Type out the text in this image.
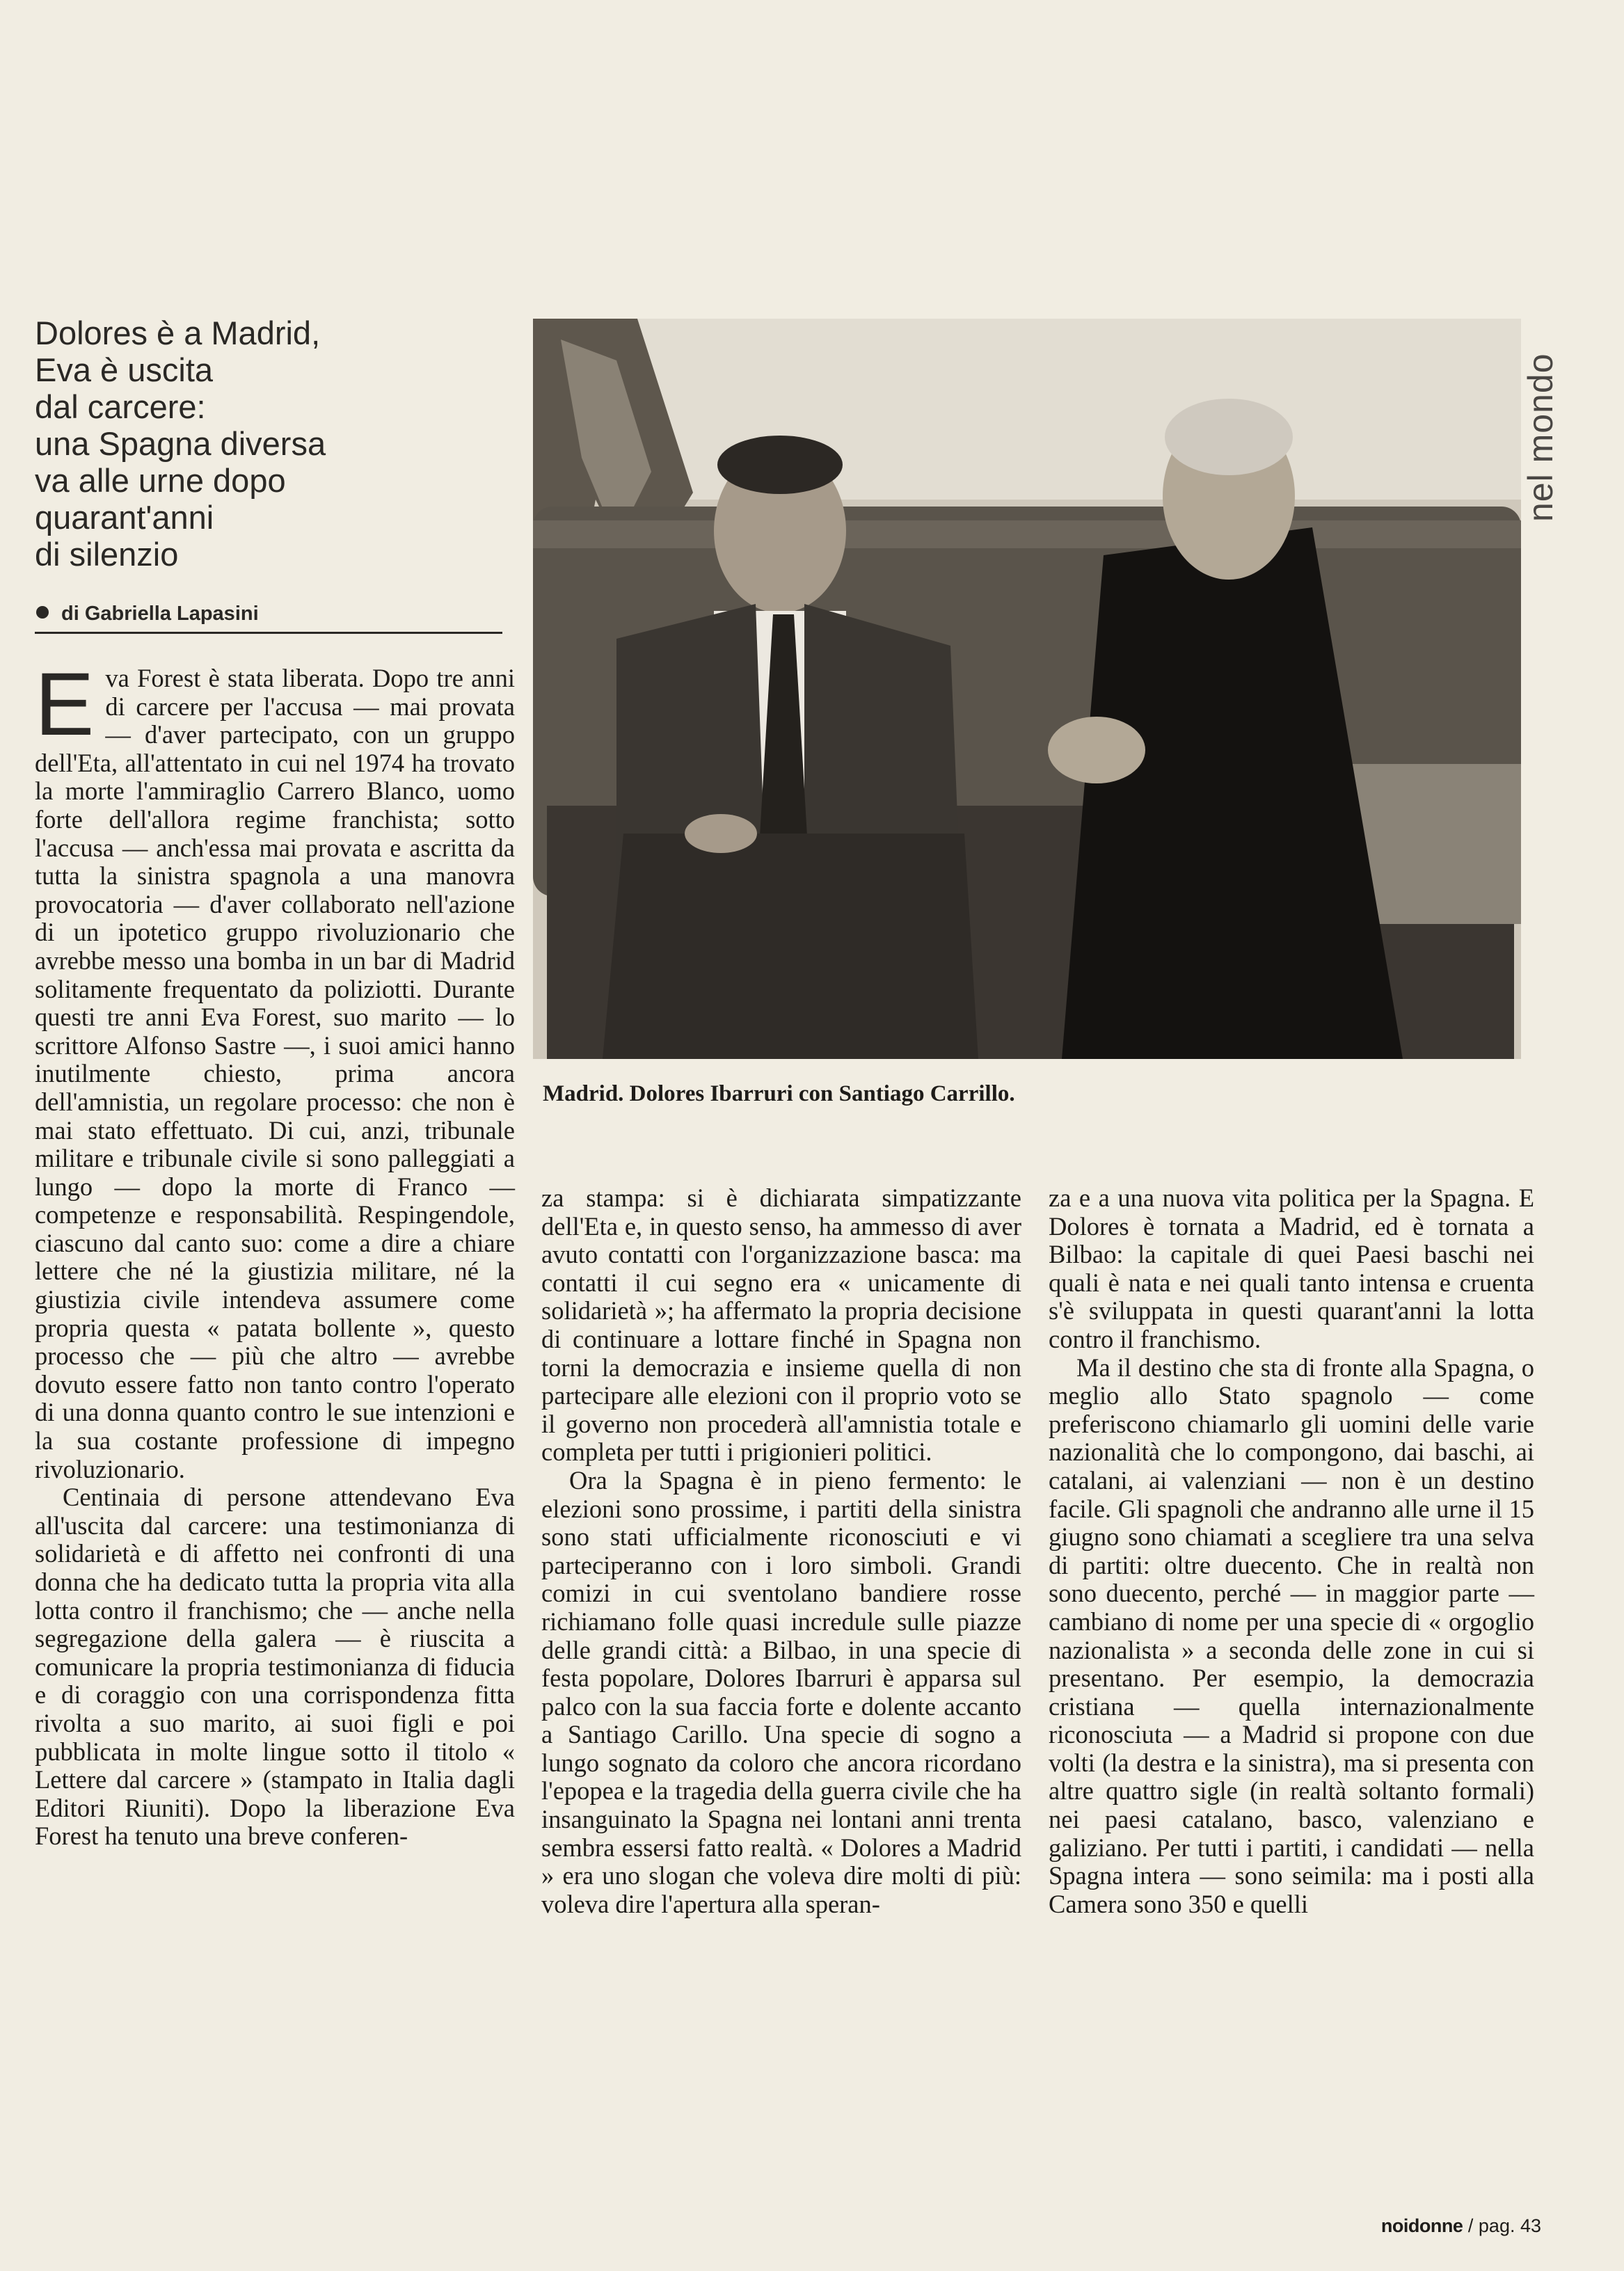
Dolores è a Madrid,
Eva è uscita
dal carcere:
una Spagna diversa
va alle urne dopo
quarant'anni
di silenzio
di Gabriella Lapasini
nel mondo
Madrid. Dolores Ibarruri con Santiago Carrillo.

Eva Forest è stata liberata. Dopo tre anni di carcere per l'accusa — mai provata — d'aver partecipato, con un gruppo dell'Eta, all'attentato in cui nel 1974 ha trovato la morte l'ammiraglio Carrero Blanco, uomo forte dell'allora regime franchista; sotto l'accusa — anch'essa mai provata e ascritta da tutta la sinistra spagnola a una manovra provocatoria — d'aver collaborato nell'azione di un ipotetico gruppo rivoluzionario che avrebbe messo una bomba in un bar di Madrid solitamente frequentato da poliziotti. Durante questi tre anni Eva Forest, suo marito — lo scrittore Alfonso Sastre —, i suoi amici hanno inutilmente chiesto, prima ancora dell'amnistia, un regolare processo: che non è mai stato effettuato. Di cui, anzi, tribunale militare e tribunale civile si sono palleggiati a lungo — dopo la morte di Franco — competenze e responsabilità. Respingendole, ciascuno dal canto suo: come a dire a chiare lettere che né la giustizia militare, né la giustizia civile intendeva assumere come propria questa « patata bollente », questo processo che — più che altro — avrebbe dovuto essere fatto non tanto contro l'operato di una donna quanto contro le sue intenzioni e la sua costante professione di impegno rivoluzionario.

Centinaia di persone attendevano Eva all'uscita dal carcere: una testimonianza di solidarietà e di affetto nei confronti di una donna che ha dedicato tutta la propria vita alla lotta contro il franchismo; che — anche nella segregazione della galera — è riuscita a comunicare la propria testimonianza di fiducia e di coraggio con una corrispondenza fitta rivolta a suo marito, ai suoi figli e poi pubblicata in molte lingue sotto il titolo « Lettere dal carcere » (stampato in Italia dagli Editori Riuniti). Dopo la liberazione Eva Forest ha tenuto una breve conferen-

za stampa: si è dichiarata simpatizzante dell'Eta e, in questo senso, ha ammesso di aver avuto contatti con l'organizzazione basca: ma contatti il cui segno era « unicamente di solidarietà »; ha affermato la propria decisione di continuare a lottare finché in Spagna non torni la democrazia e insieme quella di non partecipare alle elezioni con il proprio voto se il governo non procederà all'amnistia totale e completa per tutti i prigionieri politici.

Ora la Spagna è in pieno fermento: le elezioni sono prossime, i partiti della sinistra sono stati ufficialmente riconosciuti e vi parteciperanno con i loro simboli. Grandi comizi in cui sventolano bandiere rosse richiamano folle quasi incredule sulle piazze delle grandi città: a Bilbao, in una specie di festa popolare, Dolores Ibarruri è apparsa sul palco con la sua faccia forte e dolente accanto a Santiago Carillo. Una specie di sogno a lungo sognato da coloro che ancora ricordano l'epopea e la tragedia della guerra civile che ha insanguinato la Spagna nei lontani anni trenta sembra essersi fatto realtà. « Dolores a Madrid » era uno slogan che voleva dire molti di più: voleva dire l'apertura alla speran-

za e a una nuova vita politica per la Spagna. E Dolores è tornata a Madrid, ed è tornata a Bilbao: la capitale di quei Paesi baschi nei quali è nata e nei quali tanto intensa e cruenta s'è sviluppata in questi quarant'anni la lotta contro il franchismo.

Ma il destino che sta di fronte alla Spagna, o meglio allo Stato spagnolo — come preferiscono chiamarlo gli uomini delle varie nazionalità che lo compongono, dai baschi, ai catalani, ai valenziani — non è un destino facile. Gli spagnoli che andranno alle urne il 15 giugno sono chiamati a scegliere tra una selva di partiti: oltre duecento. Che in realtà non sono duecento, perché — in maggior parte — cambiano di nome per una specie di « orgoglio nazionalista » a seconda delle zone in cui si presentano. Per esempio, la democrazia cristiana — quella internazionalmente riconosciuta — a Madrid si propone con due volti (la destra e la sinistra), ma si presenta con altre quattro sigle (in realtà soltanto formali) nei paesi catalano, basco, valenziano e galiziano. Per tutti i partiti, i candidati — nella Spagna intera — sono seimila: ma i posti alla Camera sono 350 e quelli

noidonne / pag. 43
